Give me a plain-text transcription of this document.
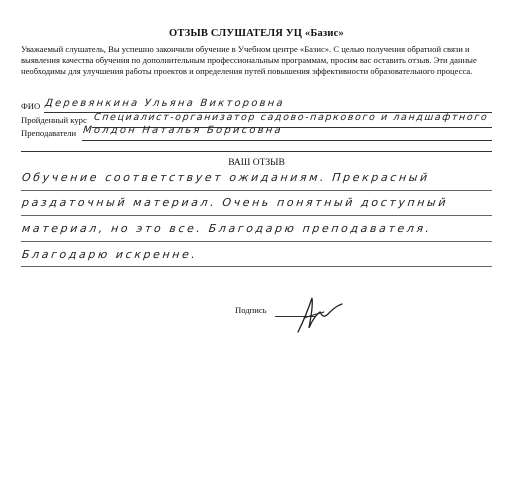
ОТЗЫВ СЛУШАТЕЛЯ УЦ «Базис»
Уважаемый слушатель, Вы успешно закончили обучение в Учебном центре «Базис». С целью получения обратной связи и выявления качества обучения по дополнительным профессиональным программам, просим вас оставить отзыв. Эти данные необходимы для улучшения работы проектов и определения путей повышения эффективности образовательного процесса.
ФИО Деревянкина Ульяна Викторовна
Пройденный курс Специалист-организатор садово-паркового и ландшафтного
Преподаватели Молдон Наталья Борисовна
ВАШ ОТЗЫВ
Обучение соответствует ожиданиям. Прекрасный
раздаточный материал. Очень понятный доступный
материал, но это все. Благодарю преподавателя.
Благодарю искренне.
Подпись
